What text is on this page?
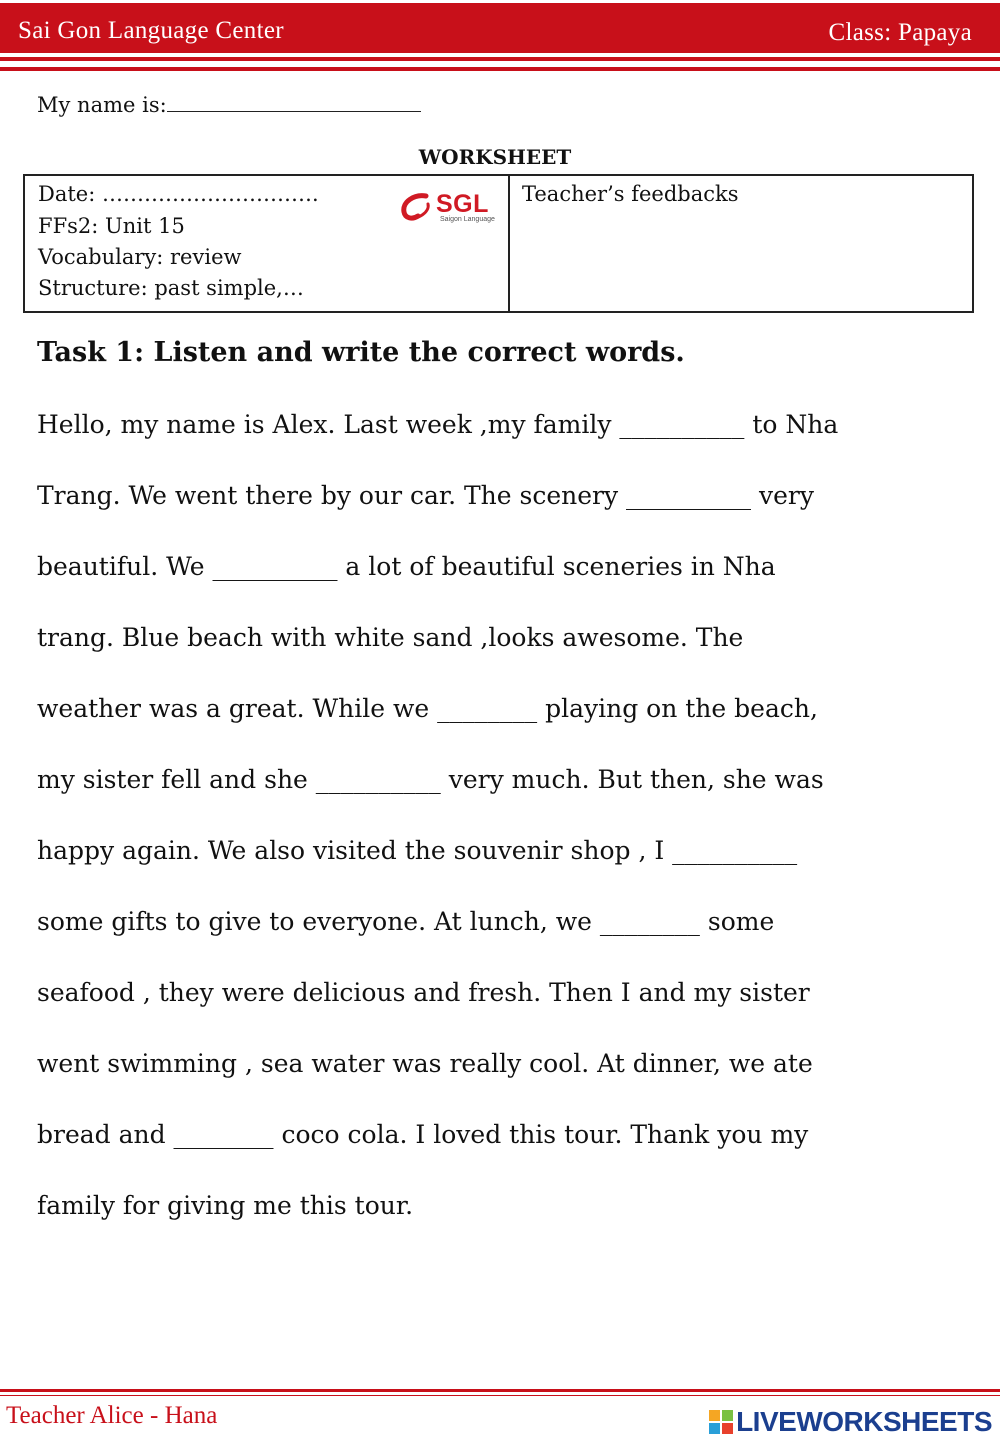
Sai Gon Language Center	Class: Papaya
My name is:
WORKSHEET
Date: ………………………….
FFs2: Unit 15
Vocabulary: review
Structure: past simple,…
SGL
Saigon Language
Teacher’s feedbacks
Task 1: Listen and write the correct words.
Hello, my name is Alex. Last week ,my family __________ to Nha
Trang. We went there by our car. The scenery __________ very
beautiful. We __________ a lot of beautiful sceneries in Nha
trang. Blue beach with white sand ,looks awesome. The
weather was a great. While we ________ playing on the beach,
my sister fell and she __________ very much. But then, she was
happy again. We also visited the souvenir shop , I __________
some gifts to give to everyone. At lunch, we ________ some
seafood , they were delicious and fresh. Then I and my sister
went swimming , sea water was really cool. At dinner, we ate
bread and ________ coco cola. I loved this tour. Thank you my
family for giving me this tour.
Teacher Alice - Hana	LIVEWORKSHEETS
